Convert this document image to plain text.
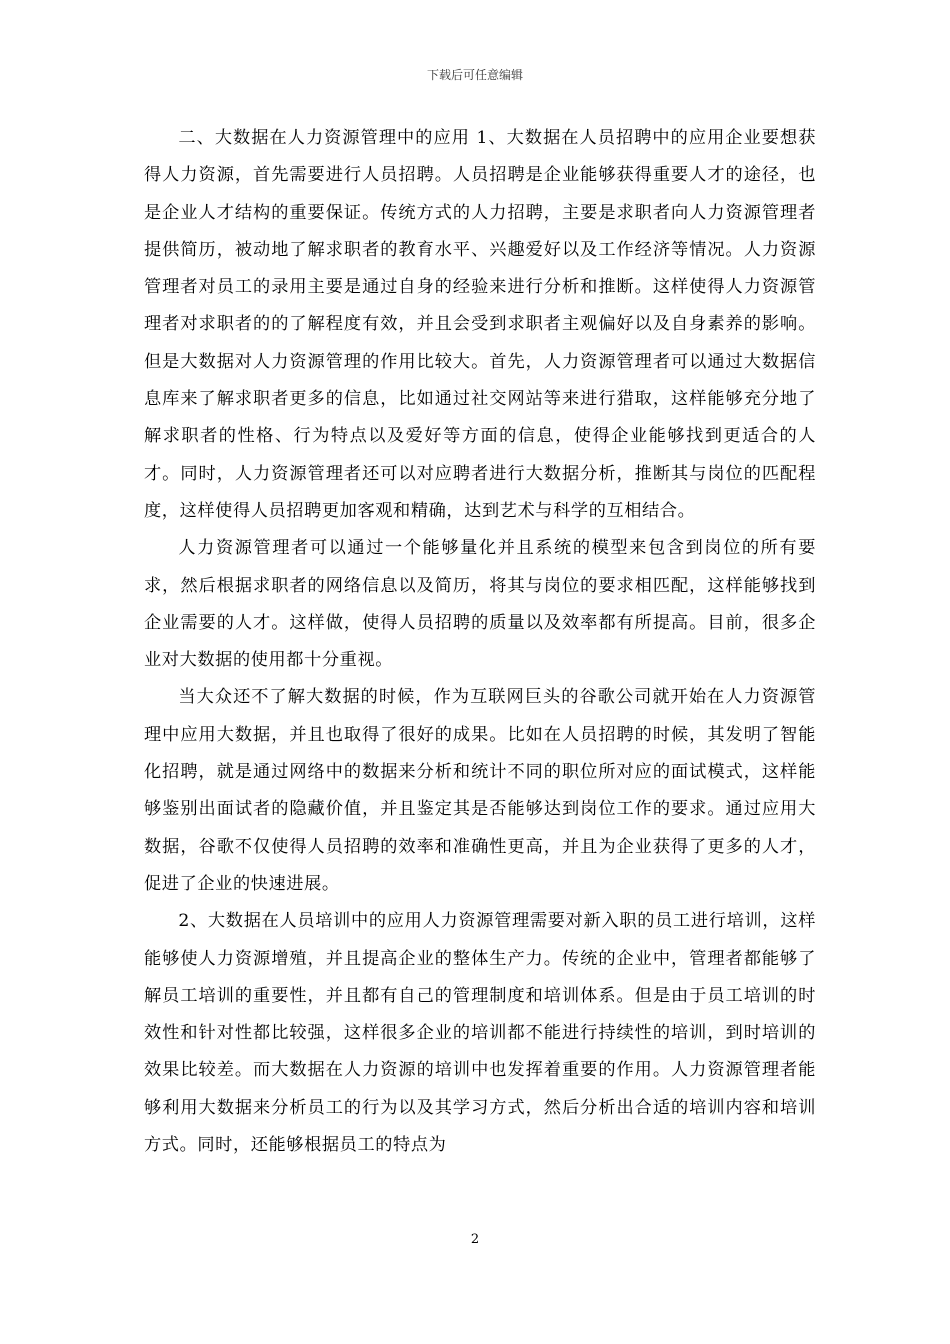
下载后可任意编辑

二、大数据在人力资源管理中的应用 1、大数据在人员招聘中的应用企业要想获得人力资源，首先需要进行人员招聘。人员招聘是企业能够获得重要人才的途径，也是企业人才结构的重要保证。传统方式的人力招聘，主要是求职者向人力资源管理者提供简历，被动地了解求职者的教育水平、兴趣爱好以及工作经济等情况。人力资源管理者对员工的录用主要是通过自身的经验来进行分析和推断。这样使得人力资源管理者对求职者的的了解程度有效，并且会受到求职者主观偏好以及自身素养的影响。但是大数据对人力资源管理的作用比较大。首先，人力资源管理者可以通过大数据信息库来了解求职者更多的信息，比如通过社交网站等来进行猎取，这样能够充分地了解求职者的性格、行为特点以及爱好等方面的信息，使得企业能够找到更适合的人才。同时，人力资源管理者还可以对应聘者进行大数据分析，推断其与岗位的匹配程度，这样使得人员招聘更加客观和精确，达到艺术与科学的互相结合。

人力资源管理者可以通过一个能够量化并且系统的模型来包含到岗位的所有要求，然后根据求职者的网络信息以及简历，将其与岗位的要求相匹配，这样能够找到企业需要的人才。这样做，使得人员招聘的质量以及效率都有所提高。目前，很多企业对大数据的使用都十分重视。

当大众还不了解大数据的时候，作为互联网巨头的谷歌公司就开始在人力资源管理中应用大数据，并且也取得了很好的成果。比如在人员招聘的时候，其发明了智能化招聘，就是通过网络中的数据来分析和统计不同的职位所对应的面试模式，这样能够鉴别出面试者的隐藏价值，并且鉴定其是否能够达到岗位工作的要求。通过应用大数据，谷歌不仅使得人员招聘的效率和准确性更高，并且为企业获得了更多的人才，促进了企业的快速进展。

2、大数据在人员培训中的应用人力资源管理需要对新入职的员工进行培训，这样能够使人力资源增殖，并且提高企业的整体生产力。传统的企业中，管理者都能够了解员工培训的重要性，并且都有自己的管理制度和培训体系。但是由于员工培训的时效性和针对性都比较强，这样很多企业的培训都不能进行持续性的培训，到时培训的效果比较差。而大数据在人力资源的培训中也发挥着重要的作用。人力资源管理者能够利用大数据来分析员工的行为以及其学习方式，然后分析出合适的培训内容和培训方式。同时，还能够根据员工的特点为

2
